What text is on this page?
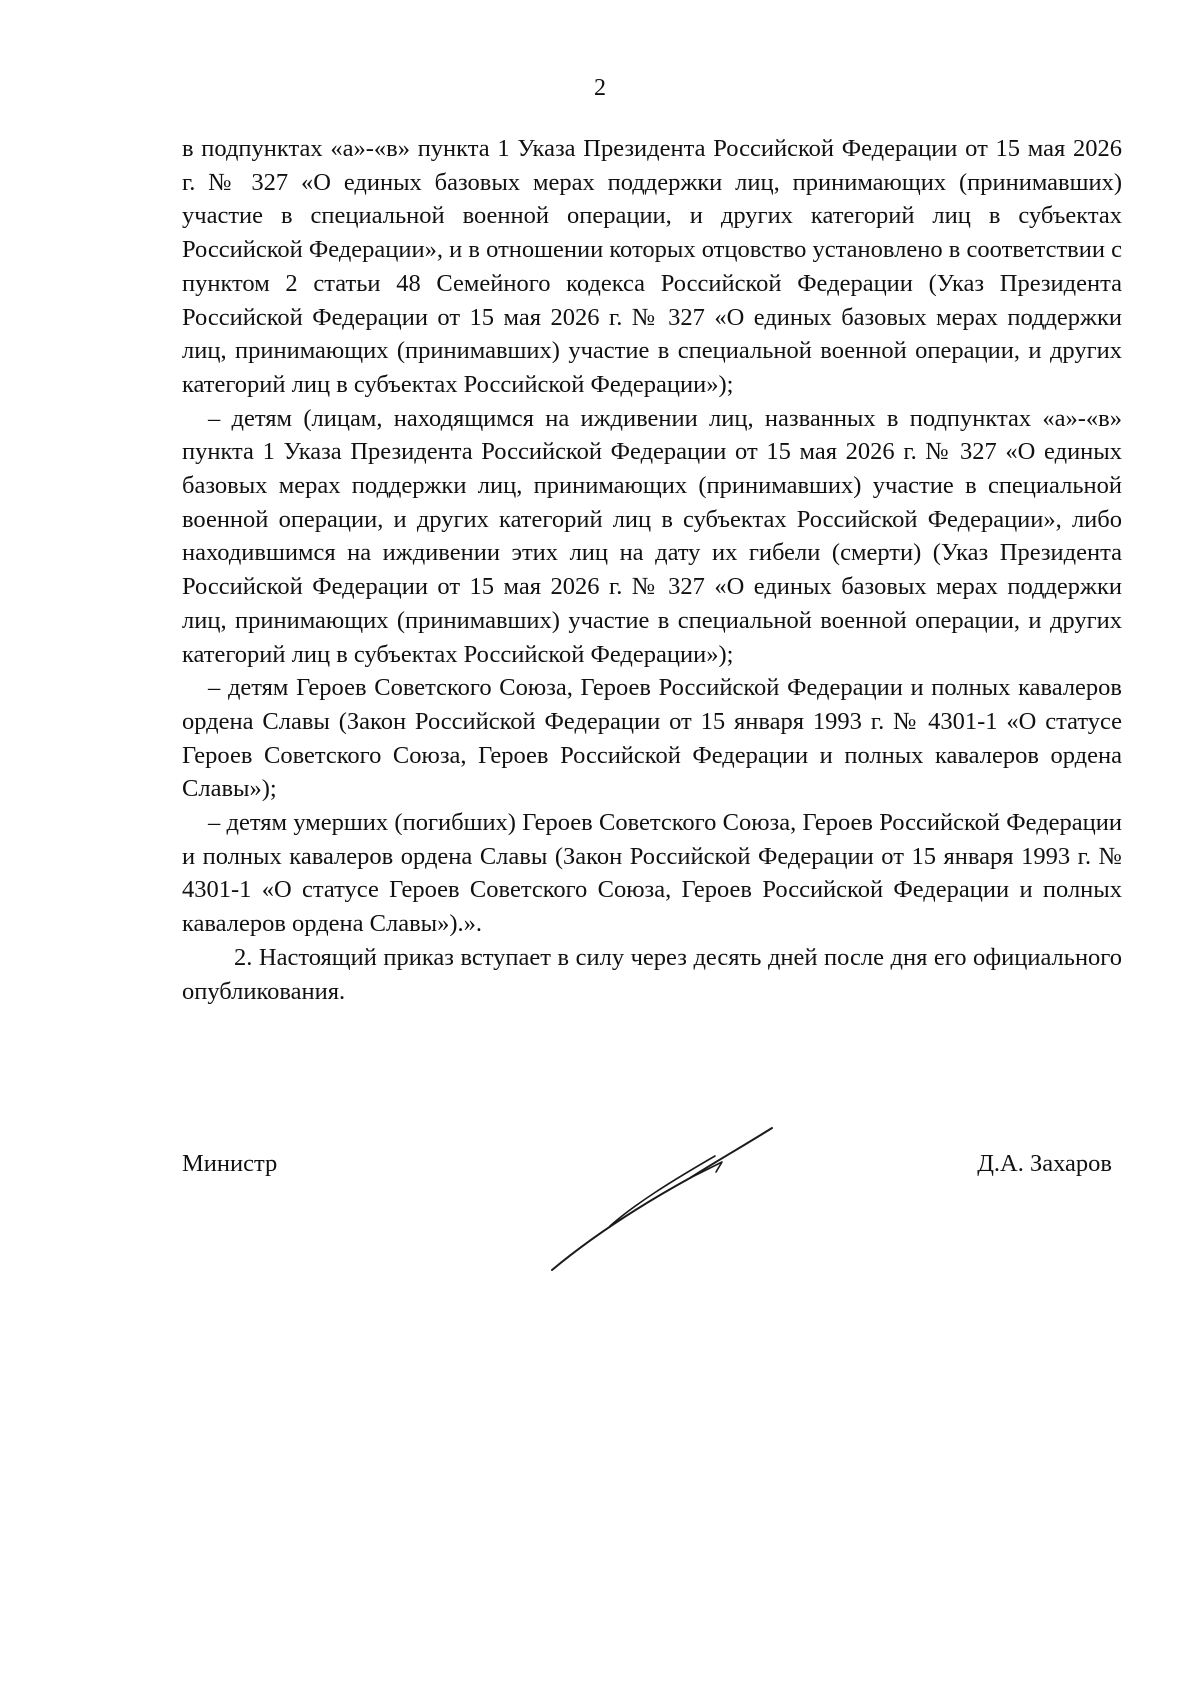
2

в подпунктах «а»-«в» пункта 1 Указа Президента Российской Федерации от 15 мая 2026 г. № 327 «О единых базовых мерах поддержки лиц, принимающих (принимавших) участие в специальной военной операции, и других категорий лиц в субъектах Российской Федерации», и в отношении которых отцовство установлено в соответствии с пунктом 2 статьи 48 Семейного кодекса Российской Федерации (Указ Президента Российской Федерации от 15 мая 2026 г. № 327 «О единых базовых мерах поддержки лиц, принимающих (принимавших) участие в специальной военной операции, и других категорий лиц в субъектах Российской Федерации»);

– детям (лицам, находящимся на иждивении лиц, названных в подпунктах «а»-«в» пункта 1 Указа Президента Российской Федерации от 15 мая 2026 г. № 327 «О единых базовых мерах поддержки лиц, принимающих (принимавших) участие в специальной военной операции, и других категорий лиц в субъектах Российской Федерации», либо находившимся на иждивении этих лиц на дату их гибели (смерти) (Указ Президента Российской Федерации от 15 мая 2026 г. № 327 «О единых базовых мерах поддержки лиц, принимающих (принимавших) участие в специальной военной операции, и других категорий лиц в субъектах Российской Федерации»);

– детям Героев Советского Союза, Героев Российской Федерации и полных кавалеров ордена Славы (Закон Российской Федерации от 15 января 1993 г. № 4301-1 «О статусе Героев Советского Союза, Героев Российской Федерации и полных кавалеров ордена Славы»);

– детям умерших (погибших) Героев Советского Союза, Героев Российской Федерации и полных кавалеров ордена Славы (Закон Российской Федерации от 15 января 1993 г. № 4301-1 «О статусе Героев Советского Союза, Героев Российской Федерации и полных кавалеров ордена Славы»).».

2. Настоящий приказ вступает в силу через десять дней после дня его официального опубликования.

Министр	Д.А. Захаров
